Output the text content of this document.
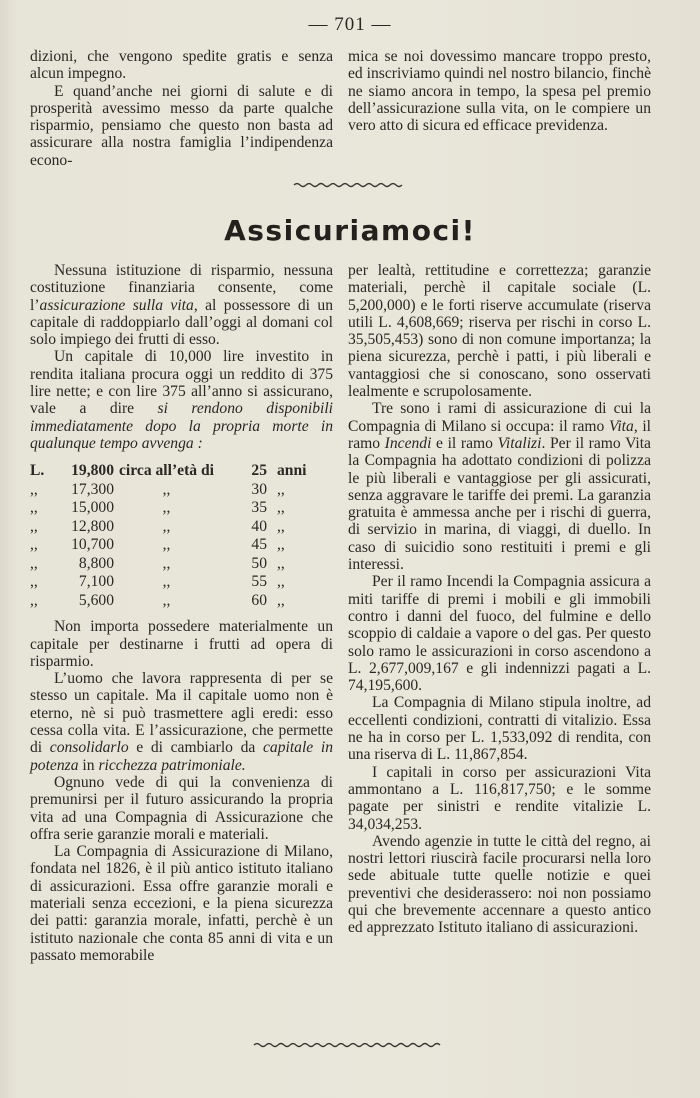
— 701 —

dizioni, che vengono spedite gratis e senza alcun impegno.

E quand’anche nei giorni di salute e di prosperità avessimo messo da parte qualche risparmio, pensiamo che questo non basta ad assicurare alla nostra famiglia l’indipendenza econo-

mica se noi dovessimo mancare troppo presto, ed inscriviamo quindi nel nostro bilancio, finchè ne siamo ancora in tempo, la spesa pel premio dell’assicurazione sulla vita, on le compiere un vero atto di sicura ed efficace previdenza.

Assicuriamoci!

Nessuna istituzione di risparmio, nessuna costituzione finanziaria consente, come l’assicurazione sulla vita, al possessore di un capitale di raddoppiarlo dall’oggi al domani col solo impiego dei frutti di esso.

Un capitale di 10,000 lire investito in rendita italiana procura oggi un reddito di 375 lire nette; e con lire 375 all’anno si assicurano, vale a dire si rendono disponibili immediatamente dopo la propria morte in qualunque tempo avvenga :

L.	19,800	circa all’età di	25	anni
,,	17,300	,,	30	,,
,,	15,000	,,	35	,,
,,	12,800	,,	40	,,
,,	10,700	,,	45	,,
,,	8,800	,,	50	,,
,,	7,100	,,	55	,,
,,	5,600	,,	60	,,

Non importa possedere materialmente un capitale per destinarne i frutti ad opera di risparmio.

L’uomo che lavora rappresenta di per se stesso un capitale. Ma il capitale uomo non è eterno, nè si può trasmettere agli eredi: esso cessa colla vita. E l’assicurazione, che permette di consolidarlo e di cambiarlo da capitale in potenza in ricchezza patrimoniale.

Ognuno vede di qui la convenienza di premunirsi per il futuro assicurando la propria vita ad una Compagnia di Assicurazione che offra serie garanzie morali e materiali.

La Compagnia di Assicurazione di Milano, fondata nel 1826, è il più antico istituto italiano di assicurazioni. Essa offre garanzie morali e materiali senza eccezioni, e la piena sicurezza dei patti: garanzia morale, infatti, perchè è un istituto nazionale che conta 85 anni di vita e un passato memorabile

per lealtà, rettitudine e correttezza; garanzie materiali, perchè il capitale sociale (L. 5,200,000) e le forti riserve accumulate (riserva utili L. 4,608,669; riserva per rischi in corso L. 35,505,453) sono di non comune importanza; la piena sicurezza, perchè i patti, i più liberali e vantaggiosi che si conoscano, sono osservati lealmente e scrupolosamente.

Tre sono i rami di assicurazione di cui la Compagnia di Milano si occupa: il ramo Vita, il ramo Incendi e il ramo Vitalizi. Per il ramo Vita la Compagnia ha adottato condizioni di polizza le più liberali e vantaggiose per gli assicurati, senza aggravare le tariffe dei premi. La garanzia gratuita è ammessa anche per i rischi di guerra, di servizio in marina, di viaggi, di duello. In caso di suicidio sono restituiti i premi e gli interessi.

Per il ramo Incendi la Compagnia assicura a miti tariffe di premi i mobili e gli immobili contro i danni del fuoco, del fulmine e dello scoppio di caldaie a vapore o del gas. Per questo solo ramo le assicurazioni in corso ascendono a L. 2,677,009,167 e gli indennizzi pagati a L. 74,195,600.

La Compagnia di Milano stipula inoltre, ad eccellenti condizioni, contratti di vitalizio. Essa ne ha in corso per L. 1,533,092 di rendita, con una riserva di L. 11,867,854.

I capitali in corso per assicurazioni Vita ammontano a L. 116,817,750; e le somme pagate per sinistri e rendite vitalizie L. 34,034,253.

Avendo agenzie in tutte le città del regno, ai nostri lettori riuscirà facile procurarsi nella loro sede abituale tutte quelle notizie e quei preventivi che desiderassero: noi non possiamo qui che brevemente accennare a questo antico ed apprezzato Istituto italiano di assicurazioni.
